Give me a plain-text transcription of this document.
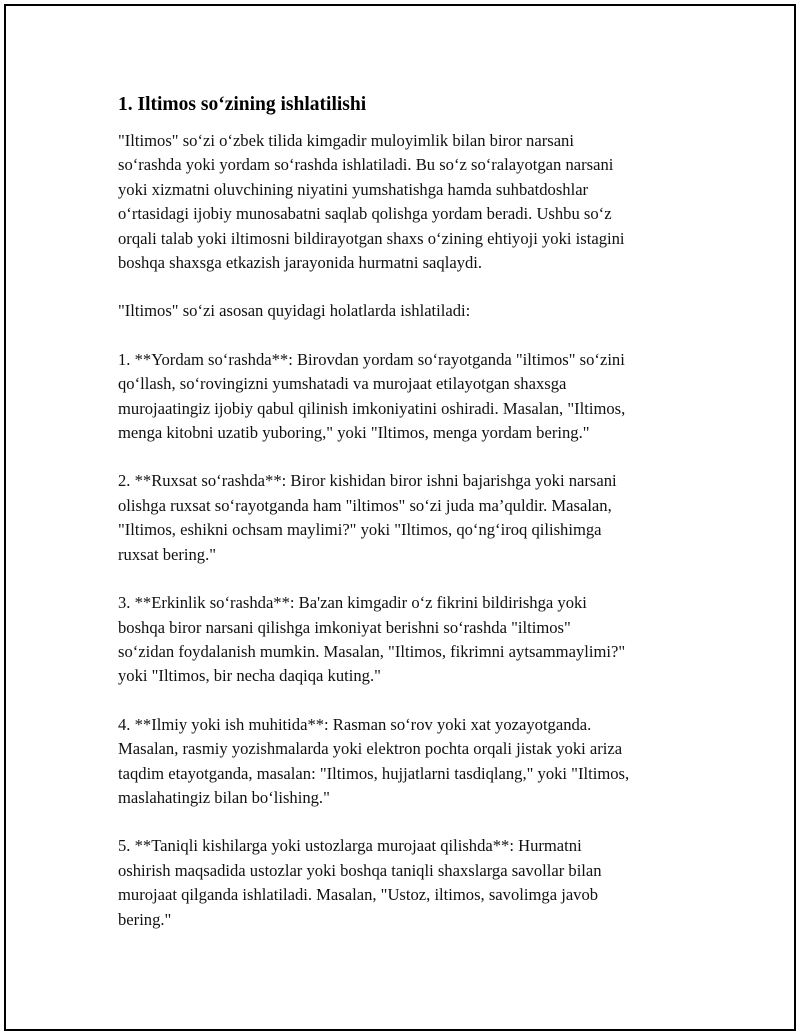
1. Iltimos so‘zining ishlatilishi

"Iltimos" so‘zi o‘zbek tilida kimgadir muloyimlik bilan biror narsani
so‘rashda yoki yordam so‘rashda ishlatiladi. Bu so‘z so‘ralayotgan narsani
yoki xizmatni oluvchining niyatini yumshatishga hamda suhbatdoshlar
o‘rtasidagi ijobiy munosabatni saqlab qolishga yordam beradi. Ushbu so‘z
orqali talab yoki iltimosni bildirayotgan shaxs o‘zining ehtiyoji yoki istagini
boshqa shaxsga etkazish jarayonida hurmatni saqlaydi.

"Iltimos" so‘zi asosan quyidagi holatlarda ishlatiladi:

1. **Yordam so‘rashda**: Birovdan yordam so‘rayotganda "iltimos" so‘zini
qo‘llash, so‘rovingizni yumshatadi va murojaat etilayotgan shaxsga
murojaatingiz ijobiy qabul qilinish imkoniyatini oshiradi. Masalan, "Iltimos,
menga kitobni uzatib yuboring," yoki "Iltimos, menga yordam bering."

2. **Ruxsat so‘rashda**: Biror kishidan biror ishni bajarishga yoki narsani
olishga ruxsat so‘rayotganda ham "iltimos" so‘zi juda ma’quldir. Masalan,
"Iltimos, eshikni ochsam maylimi?" yoki "Iltimos, qo‘ng‘iroq qilishimga
ruxsat bering."

3. **Erkinlik so‘rashda**: Ba'zan kimgadir o‘z fikrini bildirishga yoki
boshqa biror narsani qilishga imkoniyat berishni so‘rashda "iltimos"
so‘zidan foydalanish mumkin. Masalan, "Iltimos, fikrimni aytsammaylimi?"
yoki "Iltimos, bir necha daqiqa kuting."

4. **Ilmiy yoki ish muhitida**: Rasman so‘rov yoki xat yozayotganda.
Masalan, rasmiy yozishmalarda yoki elektron pochta orqali jistak yoki ariza
taqdim etayotganda, masalan: "Iltimos, hujjatlarni tasdiqlang," yoki "Iltimos,
maslahatingiz bilan bo‘lishing."

5. **Taniqli kishilarga yoki ustozlarga murojaat qilishda**: Hurmatni
oshirish maqsadida ustozlar yoki boshqa taniqli shaxslarga savollar bilan
murojaat qilganda ishlatiladi. Masalan, "Ustoz, iltimos, savolimga javob
bering."
